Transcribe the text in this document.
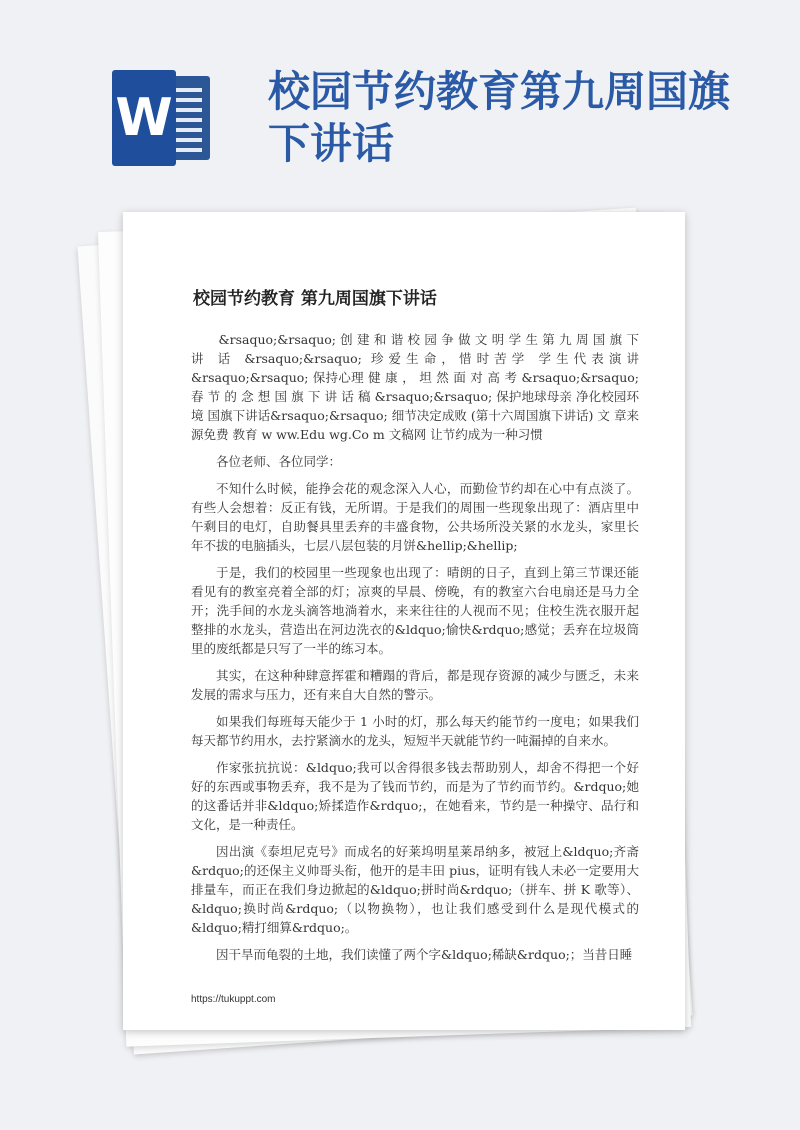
W 校园节约教育第九周国旗下讲话
校园节约教育 第九周国旗下讲话

&rsaquo;&rsaquo; 创 建 和 谐 校 园 争 做 文 明 学 生 第 九 周 国 旗 下 讲 话 &rsaquo;&rsaquo; 珍爱生命，惜时苦学 学生代表演讲&rsaquo;&rsaquo; 保持心理 健 康 ， 坦 然 面 对 高 考 &rsaquo;&rsaquo; 春 节 的 念 想 国 旗 下 讲 话 稿 &rsaquo;&rsaquo; 保护地球母亲 净化校园环境 国旗下讲话&rsaquo;&rsaquo; 细节决定成败 (第十六周国旗下讲话) 文 章来源免费 教育 w ww.Edu wg.Co m 文稿网 让节约成为一种习惯

各位老师、各位同学：

不知什么时候，能挣会花的观念深入人心，而勤俭节约却在心中有点淡了。有些人会想着：反正有钱，无所谓。于是我们的周围一些现象出现了：酒店里中午剩目的电灯，自助餐具里丢弃的丰盛食物，公共场所没关紧的水龙头，家里长年不拔的电脑插头，七层八层包装的月饼&hellip;&hellip;

于是，我们的校园里一些现象也出现了：晴朗的日子，直到上第三节课还能看见有的教室亮着全部的灯；凉爽的早晨、傍晚，有的教室六台电扇还是马力全开；洗手间的水龙头滴答地淌着水，来来往往的人视而不见；住校生洗衣服开起整排的水龙头，营造出在河边洗衣的&ldquo;愉快&rdquo;感觉；丢弃在垃圾筒里的废纸都是只写了一半的练习本。

其实，在这种种肆意挥霍和糟蹋的背后，都是现存资源的减少与匮乏，未来发展的需求与压力，还有来自大自然的警示。

如果我们每班每天能少于 1 小时的灯，那么每天约能节约一度电；如果我们每天都节约用水，去拧紧滴水的龙头，短短半天就能节约一吨漏掉的自来水。

作家张抗抗说：&ldquo;我可以舍得很多钱去帮助别人，却舍不得把一个好好的东西或事物丢弃，我不是为了钱而节约，而是为了节约而节约。&rdquo;她的这番话并非&ldquo;矫揉造作&rdquo;，在她看来，节约是一种操守、品行和文化，是一种责任。

因出演《泰坦尼克号》而成名的好莱坞明星莱昂纳多，被冠上&ldquo;齐斋&rdquo;的还保主义帅哥头衔，他开的是丰田 pius，证明有钱人未必一定要用大排量车，而正在我们身边掀起的&ldquo;拼时尚&rdquo;（拼车、拼 K 歌等）、&ldquo;换时尚&rdquo;（以物换物），也让我们感受到什么是现代模式的&ldquo;精打细算&rdquo;。

因干旱而龟裂的土地，我们读懂了两个字&ldquo;稀缺&rdquo;；当昔日睡

https://tukuppt.com
